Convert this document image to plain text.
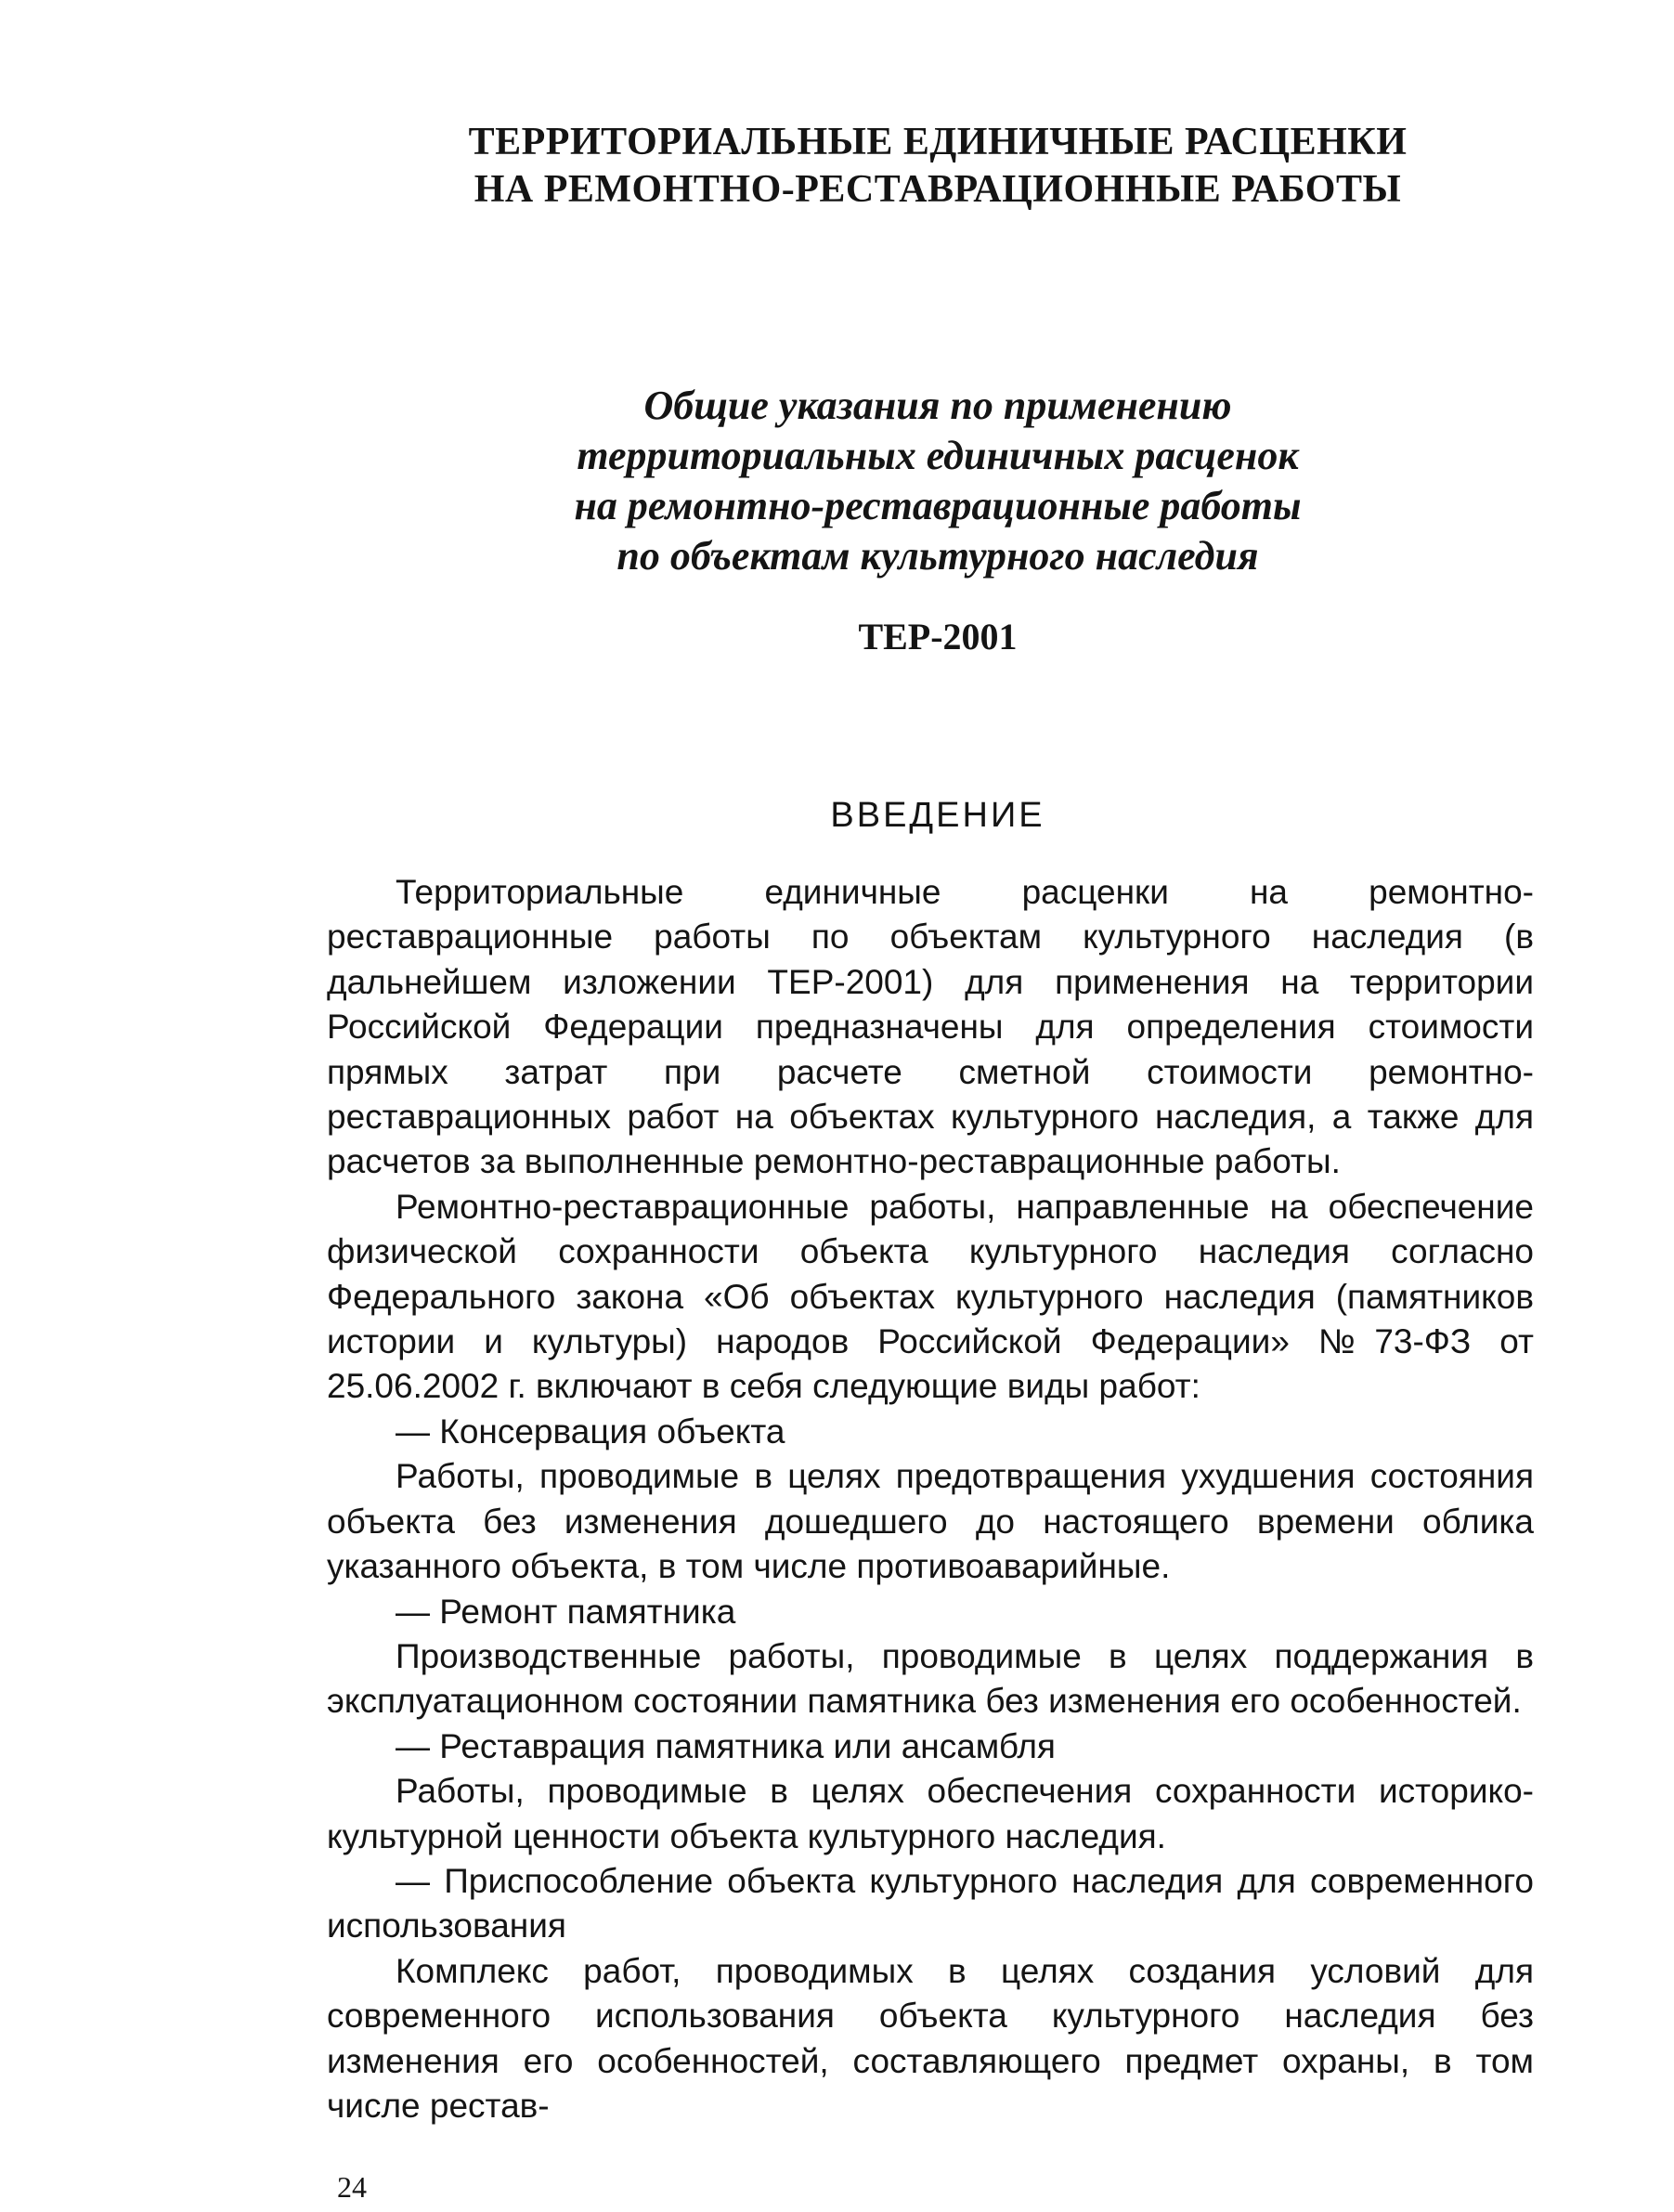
ТЕРРИТОРИАЛЬНЫЕ ЕДИНИЧНЫЕ РАСЦЕНКИ
НА РЕМОНТНО-РЕСТАВРАЦИОННЫЕ РАБОТЫ
Общие указания по применению
территориальных единичных расценок
на ремонтно-реставрационные работы
по объектам культурного наследия
ТЕР-2001
ВВЕДЕНИЕ

Территориальные единичные расценки на ремонтно-реставрационные работы по объектам культурного наследия (в дальнейшем изложении ТЕР-2001) для применения на территории Российской Федерации предназначены для определения стоимости прямых затрат при расчете сметной стоимости ремонтно-реставрационных работ на объектах культурного наследия, а также для расчетов за выполненные ремонтно-реставрационные работы.

Ремонтно-реставрационные работы, направленные на обеспечение физической сохранности объекта культурного наследия согласно Федерального закона «Об объектах культурного наследия (памятников истории и культуры) народов Российской Федерации» №73-ФЗ от 25.06.2002 г. включают в себя следующие виды работ:

— Консервация объекта

Работы, проводимые в целях предотвращения ухудшения состояния объекта без изменения дошедшего до настоящего времени облика указанного объекта, в том числе противоаварийные.

— Ремонт памятника

Производственные работы, проводимые в целях поддержания в эксплуатационном состоянии памятника без изменения его особенностей.

— Реставрация памятника или ансамбля

Работы, проводимые в целях обеспечения сохранности историко-культурной ценности объекта культурного наследия.

— Приспособление объекта культурного наследия для современного использования

Комплекс работ, проводимых в целях создания условий для современного использования объекта культурного наследия без изменения его особенностей, составляющего предмет охраны, в том числе рестав-

24
